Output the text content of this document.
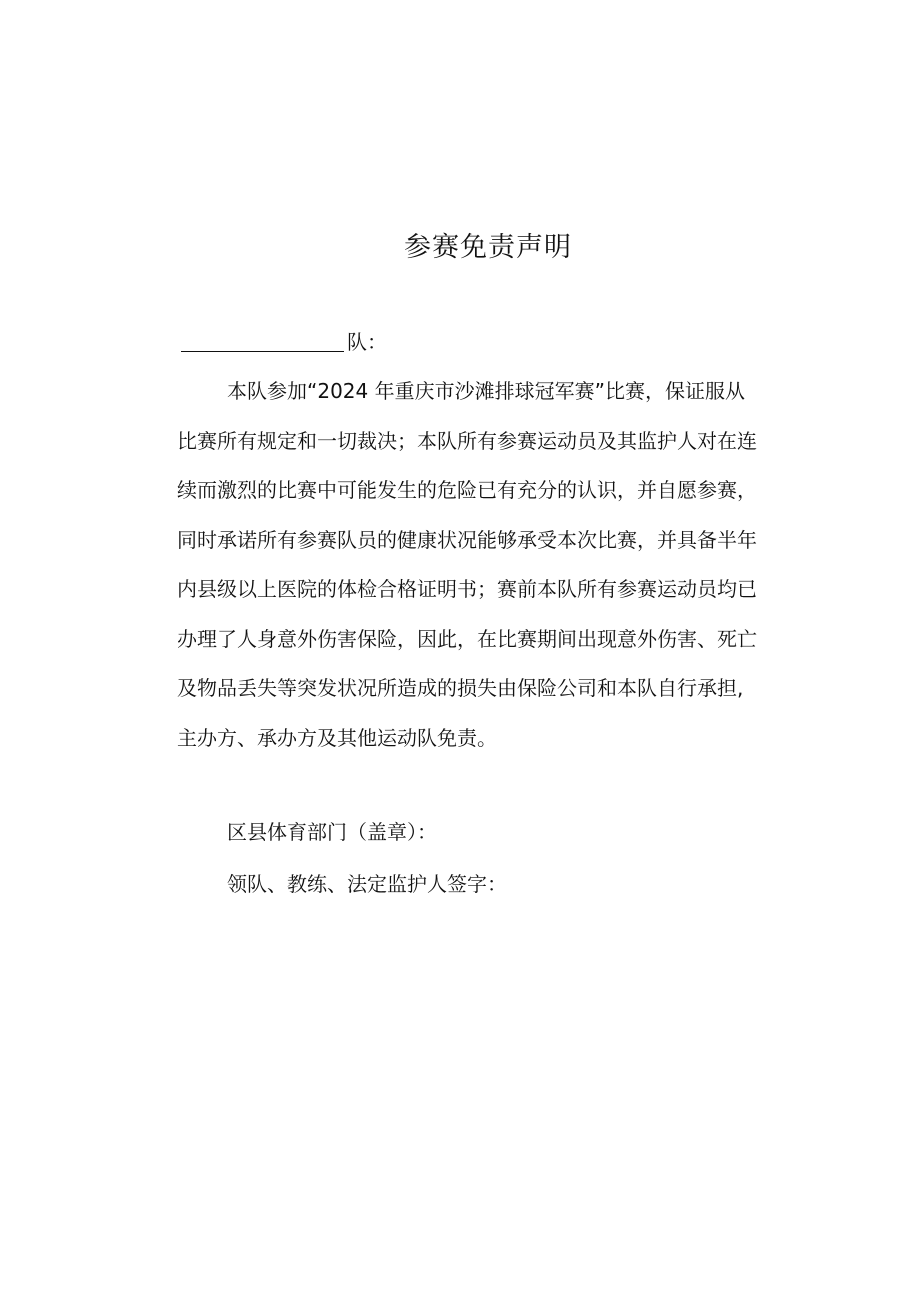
参赛免责声明
队：
本队参加“2024 年重庆市沙滩排球冠军赛”比赛，保证服从
比赛所有规定和一切裁决；本队所有参赛运动员及其监护人对在连
续而激烈的比赛中可能发生的危险已有充分的认识，并自愿参赛，
同时承诺所有参赛队员的健康状况能够承受本次比赛，并具备半年
内县级以上医院的体检合格证明书；赛前本队所有参赛运动员均已
办理了人身意外伤害保险，因此，在比赛期间出现意外伤害、死亡
及物品丢失等突发状况所造成的损失由保险公司和本队自行承担,
主办方、承办方及其他运动队免责。
区县体育部门（盖章）：
领队、教练、法定监护人签字：
